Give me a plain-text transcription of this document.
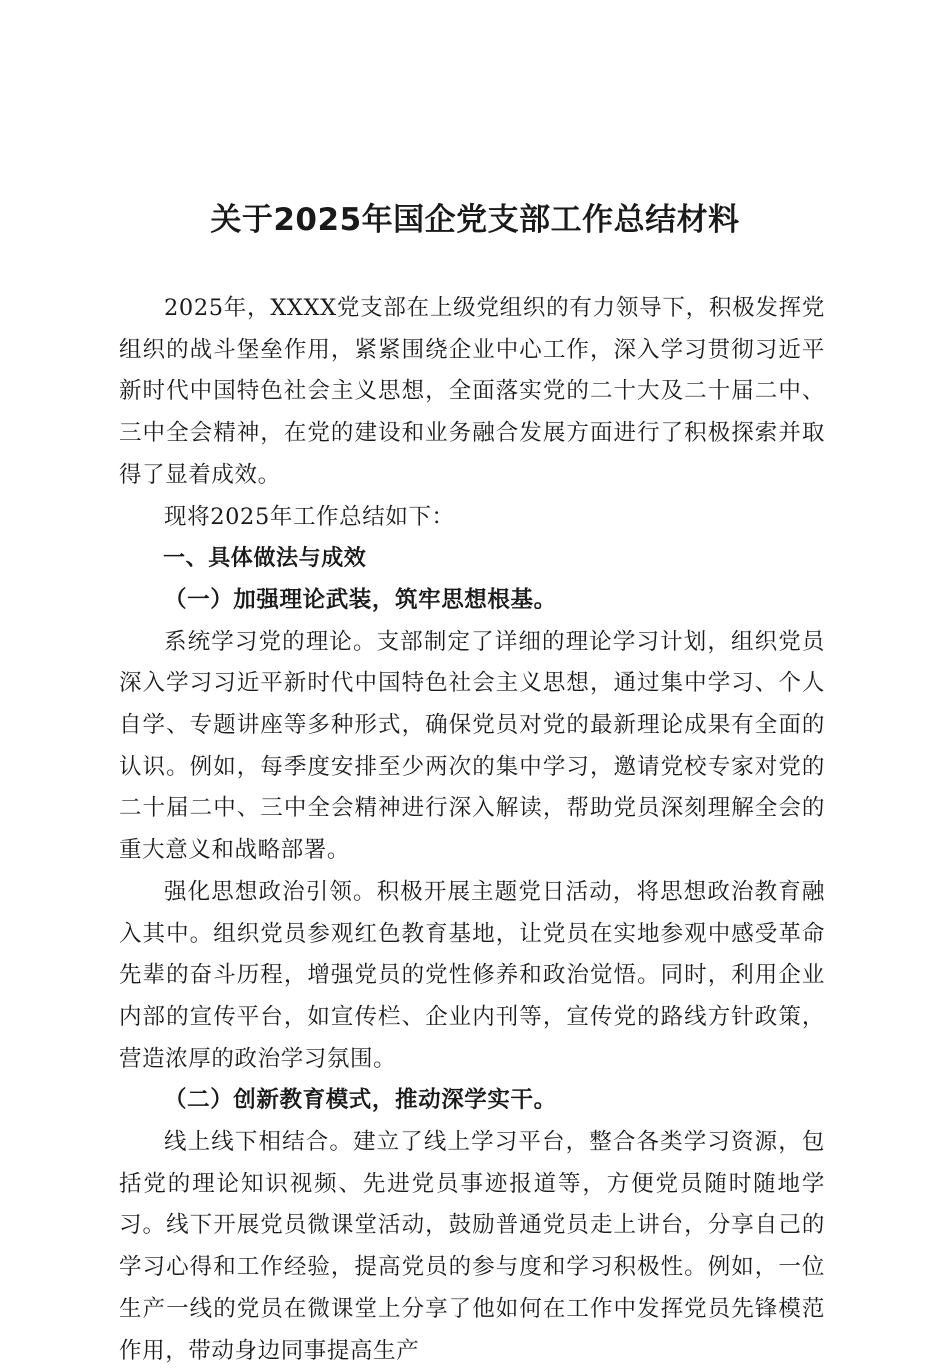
关于2025年国企党支部工作总结材料

2025年，XXXX党支部在上级党组织的有力领导下，积极发挥党组织的战斗堡垒作用，紧紧围绕企业中心工作，深入学习贯彻习近平新时代中国特色社会主义思想，全面落实党的二十大及二十届二中、三中全会精神，在党的建设和业务融合发展方面进行了积极探索并取得了显着成效。

现将2025年工作总结如下：

一、具体做法与成效

（一）加强理论武装，筑牢思想根基。

系统学习党的理论。支部制定了详细的理论学习计划，组织党员深入学习习近平新时代中国特色社会主义思想，通过集中学习、个人自学、专题讲座等多种形式，确保党员对党的最新理论成果有全面的认识。例如，每季度安排至少两次的集中学习，邀请党校专家对党的二十届二中、三中全会精神进行深入解读，帮助党员深刻理解全会的重大意义和战略部署。

强化思想政治引领。积极开展主题党日活动，将思想政治教育融入其中。组织党员参观红色教育基地，让党员在实地参观中感受革命先辈的奋斗历程，增强党员的党性修养和政治觉悟。同时，利用企业内部的宣传平台，如宣传栏、企业内刊等，宣传党的路线方针政策，营造浓厚的政治学习氛围。

（二）创新教育模式，推动深学实干。

线上线下相结合。建立了线上学习平台，整合各类学习资源，包括党的理论知识视频、先进党员事迹报道等，方便党员随时随地学习。线下开展党员微课堂活动，鼓励普通党员走上讲台，分享自己的学习心得和工作经验，提高党员的参与度和学习积极性。例如，一位生产一线的党员在微课堂上分享了他如何在工作中发挥党员先锋模范作用，带动身边同事提高生产
